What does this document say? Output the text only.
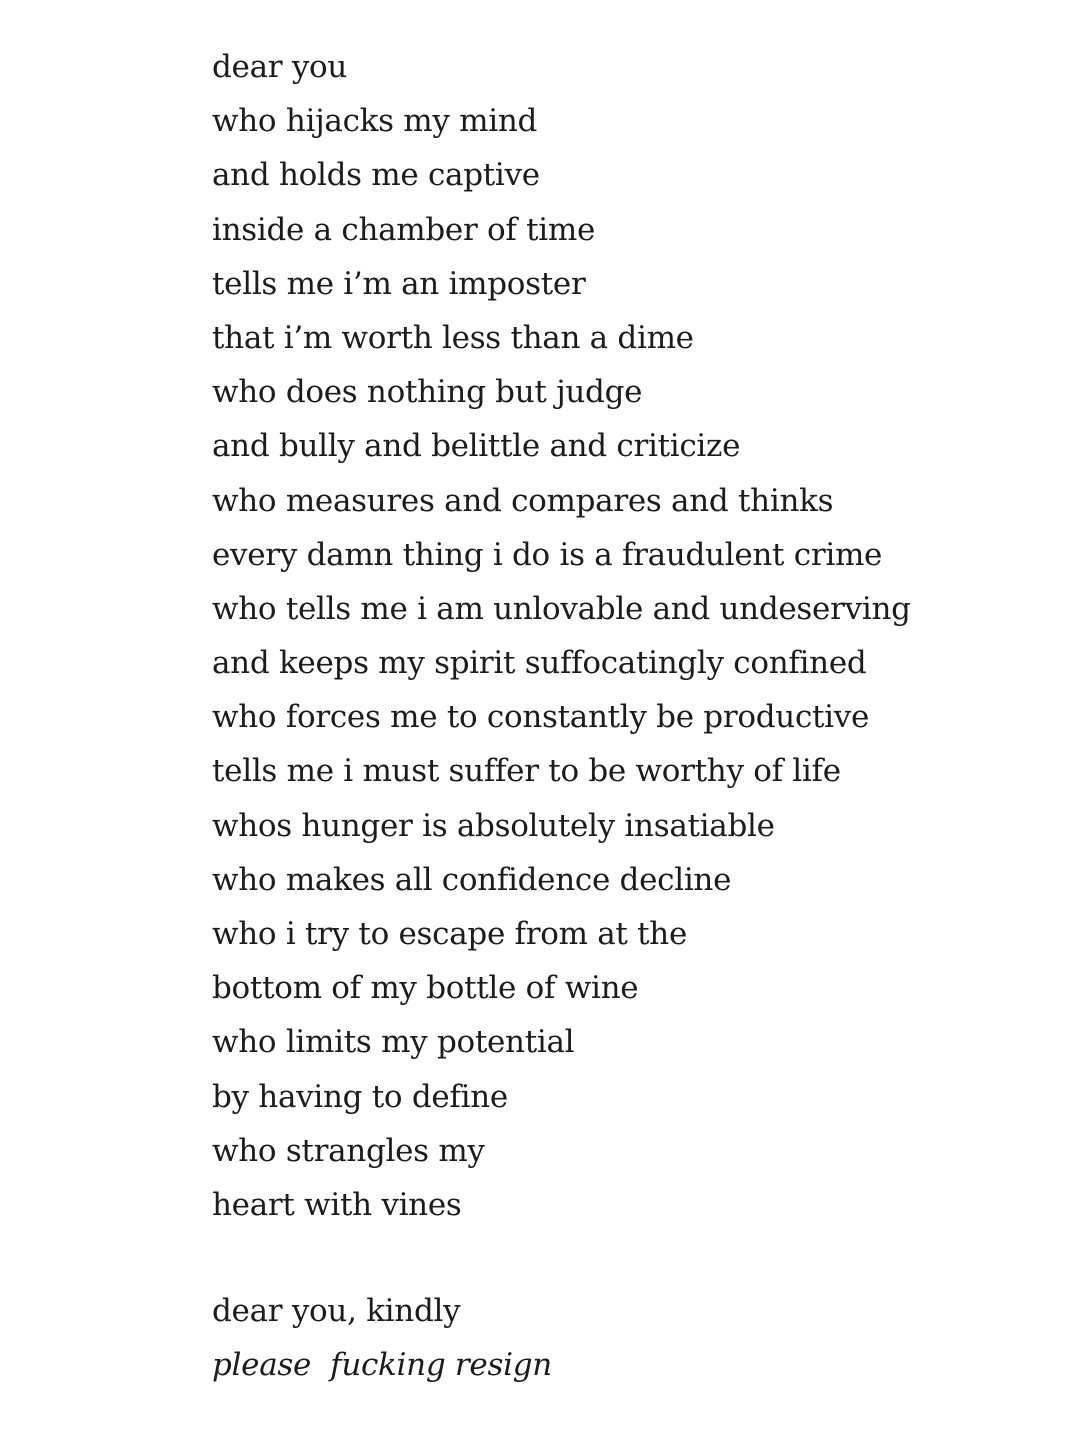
dear you
who hijacks my mind
and holds me captive
inside a chamber of time
tells me i’m an imposter
that i’m worth less than a dime
who does nothing but judge
and bully and belittle and criticize
who measures and compares and thinks
every damn thing i do is a fraudulent crime
who tells me i am unlovable and undeserving
and keeps my spirit suffocatingly confined
who forces me to constantly be productive
tells me i must suffer to be worthy of life
whos hunger is absolutely insatiable
who makes all confidence decline
who i try to escape from at the
bottom of my bottle of wine
who limits my potential
by having to define
who strangles my
heart with vines
dear you, kindly
please  fucking resign
